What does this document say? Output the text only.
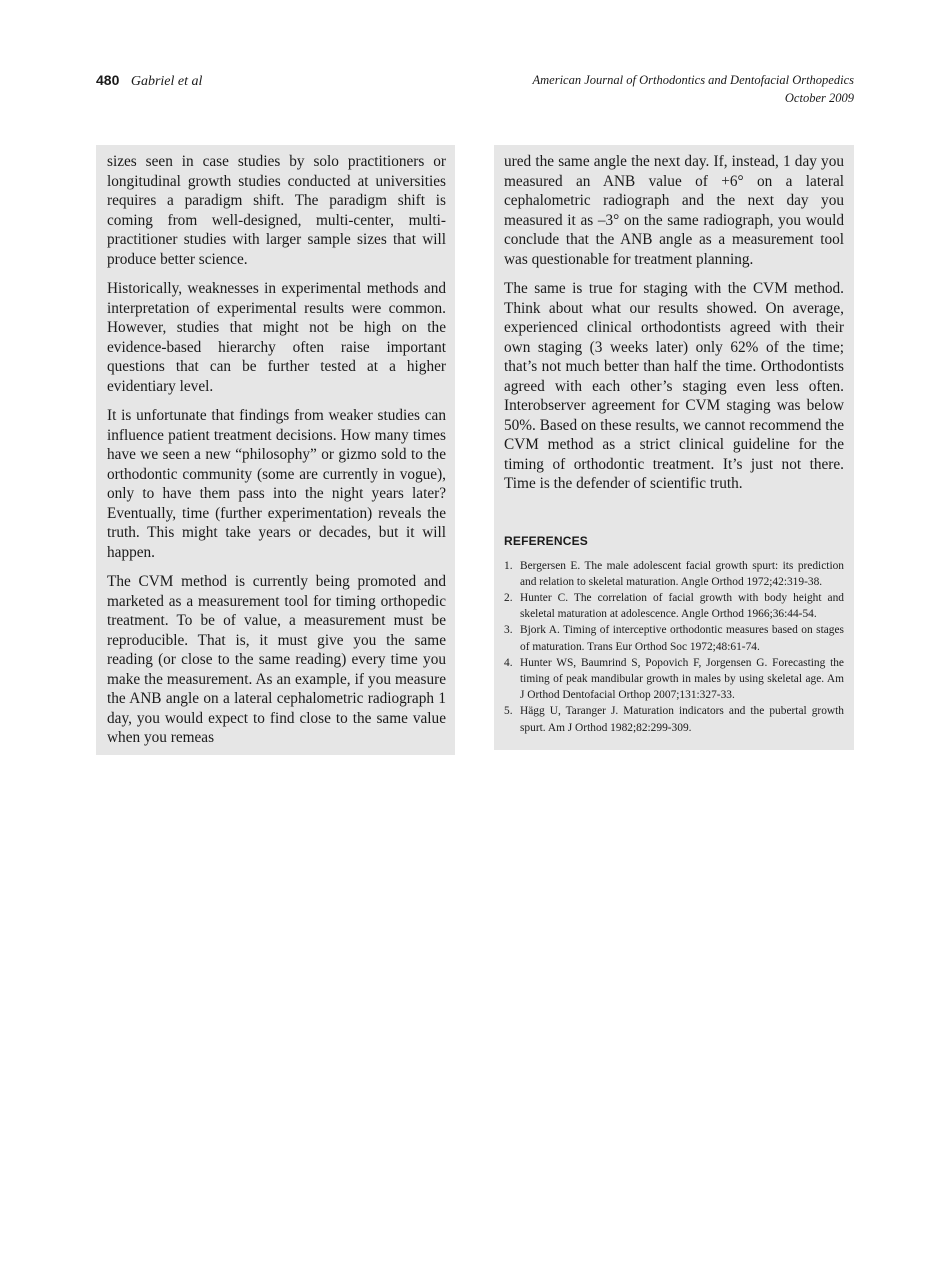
480 Gabriel et al	American Journal of Orthodontics and Dentofacial Orthopedics
October 2009

sizes seen in case studies by solo practitioners or longitudinal growth studies conducted at universities requires a paradigm shift. The paradigm shift is coming from well-designed, multi-center, multipractitioner studies with larger sample sizes that will produce better science.

Historically, weaknesses in experimental methods and interpretation of experimental results were common. However, studies that might not be high on the evidence-based hierarchy often raise important questions that can be further tested at a higher evidentiary level.

It is unfortunate that findings from weaker studies can influence patient treatment decisions. How many times have we seen a new “philosophy” or gizmo sold to the orthodontic community (some are currently in vogue), only to have them pass into the night years later? Eventually, time (further experimentation) reveals the truth. This might take years or decades, but it will happen.

The CVM method is currently being promoted and marketed as a measurement tool for timing orthopedic treatment. To be of value, a measurement must be reproducible. That is, it must give you the same reading (or close to the same reading) every time you make the measurement. As an example, if you measure the ANB angle on a lateral cephalometric radiograph 1 day, you would expect to find close to the same value when you remeas

ured the same angle the next day. If, instead, 1 day you measured an ANB value of +6° on a lateral cephalometric radiograph and the next day you measured it as –3° on the same radiograph, you would conclude that the ANB angle as a measurement tool was questionable for treatment planning.

The same is true for staging with the CVM method. Think about what our results showed. On average, experienced clinical orthodontists agreed with their own staging (3 weeks later) only 62% of the time; that’s not much better than half the time. Orthodontists agreed with each other’s staging even less often. Interobserver agreement for CVM staging was below 50%. Based on these results, we cannot recommend the CVM method as a strict clinical guideline for the timing of orthodontic treatment. It’s just not there. Time is the defender of scientific truth.

REFERENCES
1. Bergersen E. The male adolescent facial growth spurt: its prediction and relation to skeletal maturation. Angle Orthod 1972;42:319-38.
2. Hunter C. The correlation of facial growth with body height and skeletal maturation at adolescence. Angle Orthod 1966;36:44-54.
3. Bjork A. Timing of interceptive orthodontic measures based on stages of maturation. Trans Eur Orthod Soc 1972;48:61-74.
4. Hunter WS, Baumrind S, Popovich F, Jorgensen G. Forecasting the timing of peak mandibular growth in males by using skeletal age. Am J Orthod Dentofacial Orthop 2007;131:327-33.
5. Hägg U, Taranger J. Maturation indicators and the pubertal growth spurt. Am J Orthod 1982;82:299-309.
